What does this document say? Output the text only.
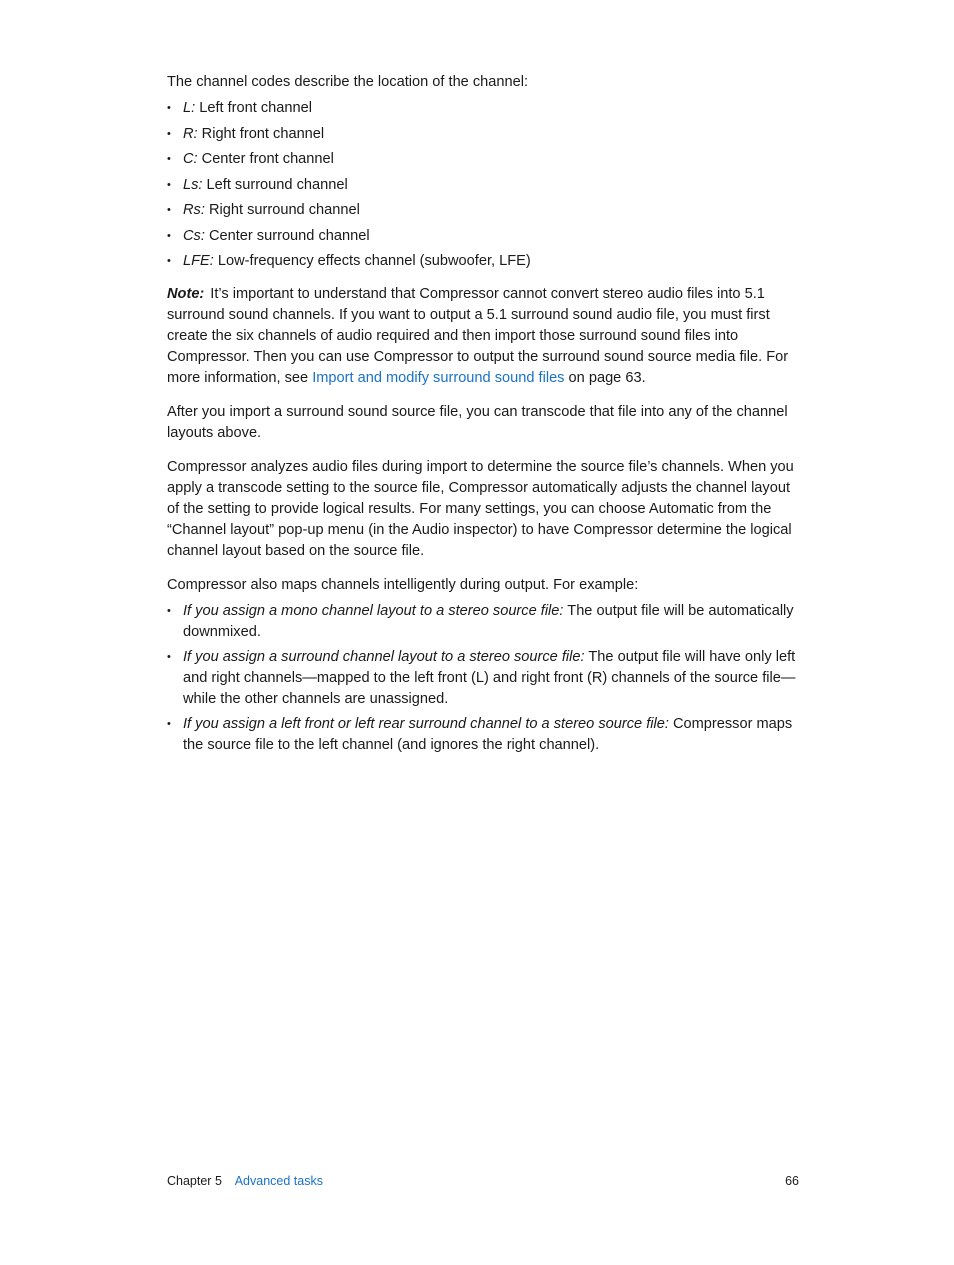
The channel codes describe the location of the channel:

• L: Left front channel
• R: Right front channel
• C: Center front channel
• Ls: Left surround channel
• Rs: Right surround channel
• Cs: Center surround channel
• LFE: Low-frequency effects channel (subwoofer, LFE)

Note: It’s important to understand that Compressor cannot convert stereo audio files into 5.1 surround sound channels. If you want to output a 5.1 surround sound audio file, you must first create the six channels of audio required and then import those surround sound files into Compressor. Then you can use Compressor to output the surround sound source media file. For more information, see Import and modify surround sound files on page 63.

After you import a surround sound source file, you can transcode that file into any of the channel layouts above.

Compressor analyzes audio files during import to determine the source file’s channels. When you apply a transcode setting to the source file, Compressor automatically adjusts the channel layout of the setting to provide logical results. For many settings, you can choose Automatic from the “Channel layout” pop-up menu (in the Audio inspector) to have Compressor determine the logical channel layout based on the source file.

Compressor also maps channels intelligently during output. For example:

• If you assign a mono channel layout to a stereo source file: The output file will be automatically downmixed.
• If you assign a surround channel layout to a stereo source file: The output file will have only left and right channels—mapped to the left front (L) and right front (R) channels of the source file—while the other channels are unassigned.
• If you assign a left front or left rear surround channel to a stereo source file: Compressor maps the source file to the left channel (and ignores the right channel).
Chapter 5 Advanced tasks	66
